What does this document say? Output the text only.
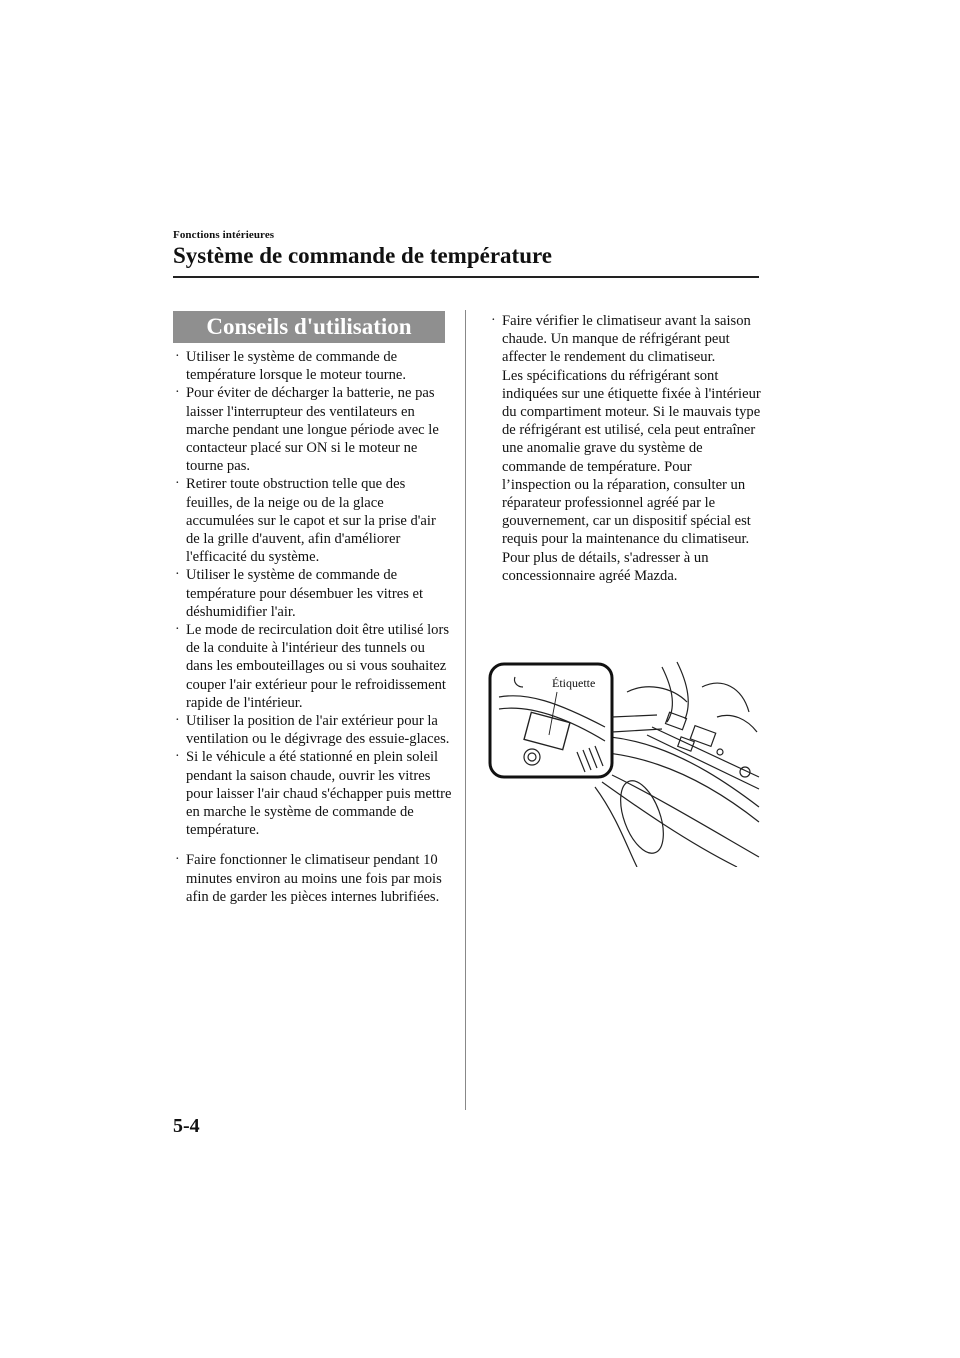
Fonctions intérieures
Système de commande de température
Conseils d'utilisation

· Utiliser le système de commande de température lorsque le moteur tourne.

· Pour éviter de décharger la batterie, ne pas laisser l'interrupteur des ventilateurs en marche pendant une longue période avec le contacteur placé sur ON si le moteur ne tourne pas.

· Retirer toute obstruction telle que des feuilles, de la neige ou de la glace accumulées sur le capot et sur la prise d'air de la grille d'auvent, afin d'améliorer l'efficacité du système.

· Utiliser le système de commande de température pour désembuer les vitres et déshumidifier l'air.

· Le mode de recirculation doit être utilisé lors de la conduite à l'intérieur des tunnels ou dans les embouteillages ou si vous souhaitez couper l'air extérieur pour le refroidissement rapide de l'intérieur.

· Utiliser la position de l'air extérieur pour la ventilation ou le dégivrage des essuie-glaces.

· Si le véhicule a été stationné en plein soleil pendant la saison chaude, ouvrir les vitres pour laisser l'air chaud s'échapper puis mettre en marche le système de commande de température.

· Faire fonctionner le climatiseur pendant 10 minutes environ au moins une fois par mois afin de garder les pièces internes lubrifiées.

· Faire vérifier le climatiseur avant la saison chaude. Un manque de réfrigérant peut affecter le rendement du climatiseur.
Les spécifications du réfrigérant sont indiquées sur une étiquette fixée à l'intérieur du compartiment moteur. Si le mauvais type de réfrigérant est utilisé, cela peut entraîner une anomalie grave du système de commande de température. Pour l’inspection ou la réparation, consulter un réparateur professionnel agréé par le gouvernement, car un dispositif spécial est requis pour la maintenance du climatiseur.
Pour plus de détails, s'adresser à un concessionnaire agréé Mazda.
Étiquette
5-4
